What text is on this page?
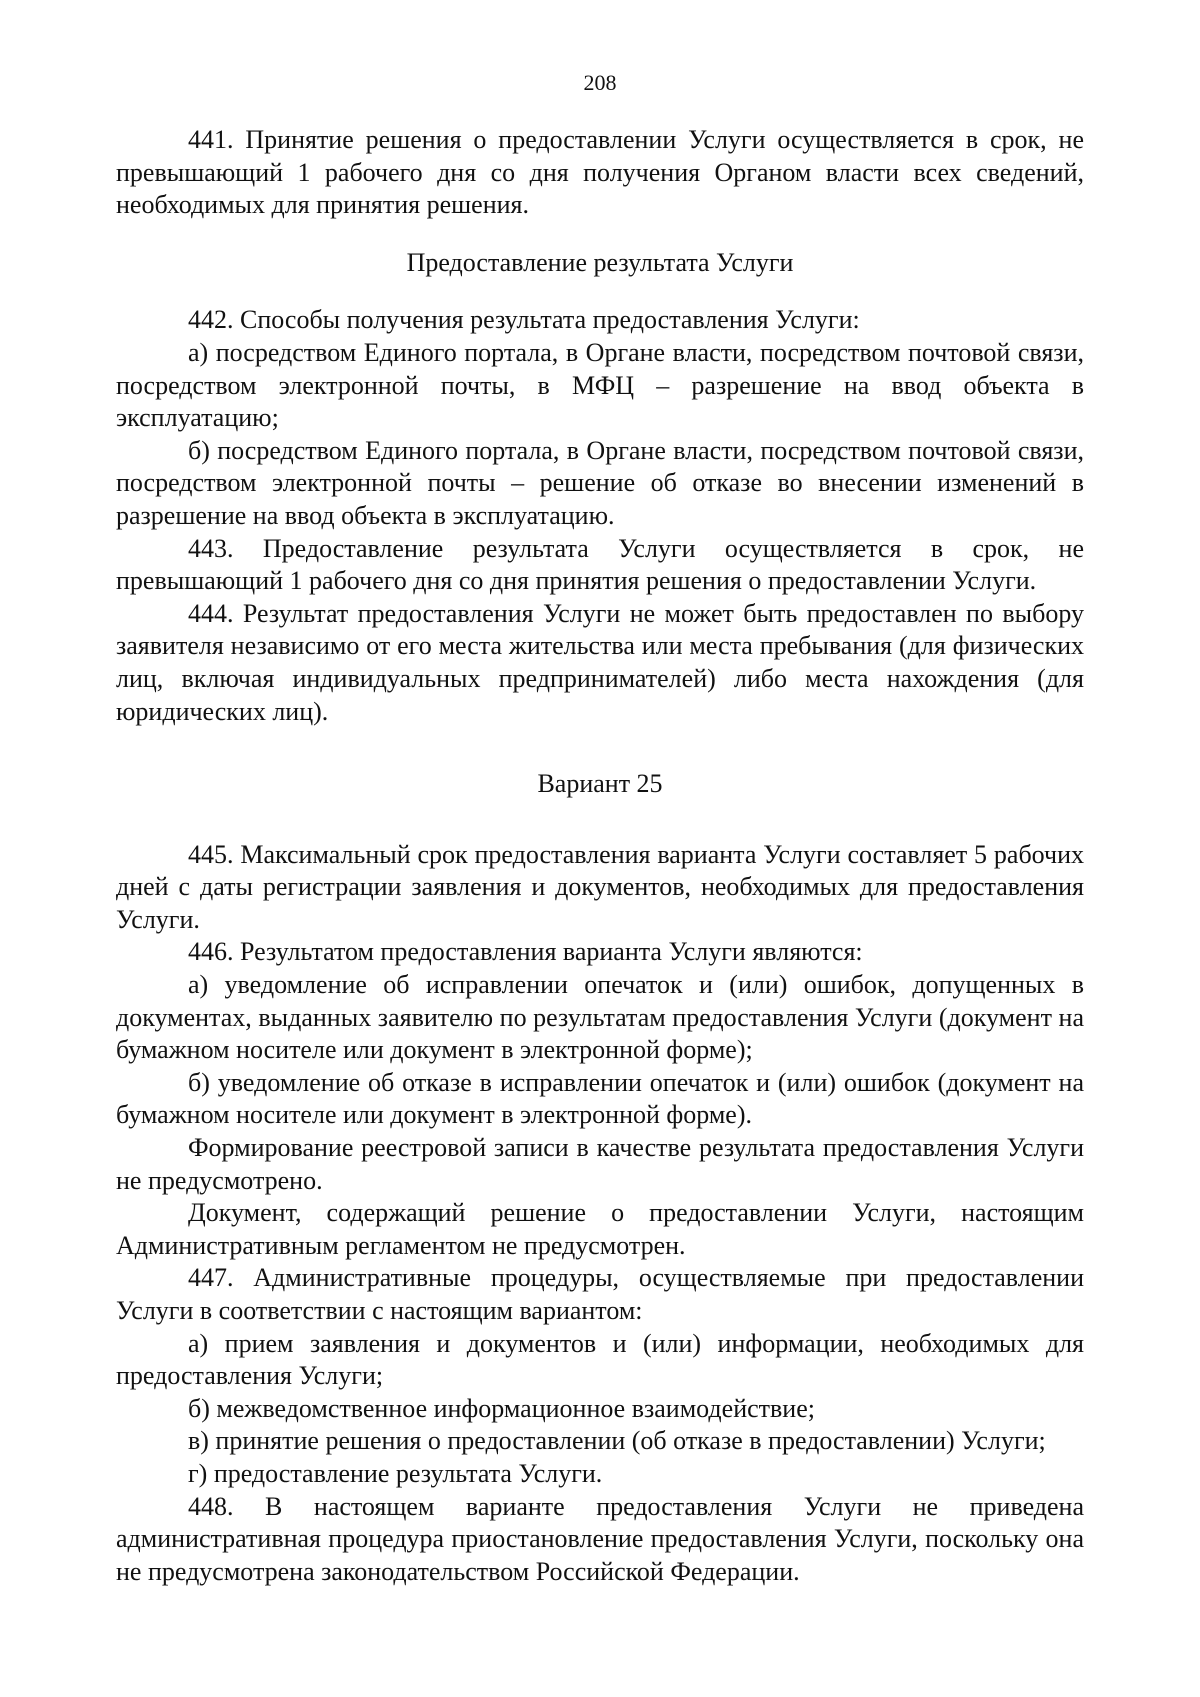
208

441. Принятие решения о предоставлении Услуги осуществляется в срок, не превышающий 1 рабочего дня со дня получения Органом власти всех сведений, необходимых для принятия решения.

Предоставление результата Услуги

442. Способы получения результата предоставления Услуги:

а) посредством Единого портала, в Органе власти, посредством почтовой связи, посредством электронной почты, в МФЦ – разрешение на ввод объекта в эксплуатацию;

б) посредством Единого портала, в Органе власти, посредством почтовой связи, посредством электронной почты – решение об отказе во внесении изменений в разрешение на ввод объекта в эксплуатацию.

443. Предоставление результата Услуги осуществляется в срок, не превышающий 1 рабочего дня со дня принятия решения о предоставлении Услуги.

444. Результат предоставления Услуги не может быть предоставлен по выбору заявителя независимо от его места жительства или места пребывания (для физических лиц, включая индивидуальных предпринимателей) либо места нахождения (для юридических лиц).

Вариант 25

445. Максимальный срок предоставления варианта Услуги составляет 5 рабочих дней с даты регистрации заявления и документов, необходимых для предоставления Услуги.

446. Результатом предоставления варианта Услуги являются:

а) уведомление об исправлении опечаток и (или) ошибок, допущенных в документах, выданных заявителю по результатам предоставления Услуги (документ на бумажном носителе или документ в электронной форме);

б) уведомление об отказе в исправлении опечаток и (или) ошибок (документ на бумажном носителе или документ в электронной форме).

Формирование реестровой записи в качестве результата предоставления Услуги не предусмотрено.

Документ, содержащий решение о предоставлении Услуги, настоящим Административным регламентом не предусмотрен.

447. Административные процедуры, осуществляемые при предоставлении Услуги в соответствии с настоящим вариантом:

а) прием заявления и документов и (или) информации, необходимых для предоставления Услуги;

б) межведомственное информационное взаимодействие;

в) принятие решения о предоставлении (об отказе в предоставлении) Услуги;

г) предоставление результата Услуги.

448. В настоящем варианте предоставления Услуги не приведена административная процедура приостановление предоставления Услуги, поскольку она не предусмотрена законодательством Российской Федерации.
